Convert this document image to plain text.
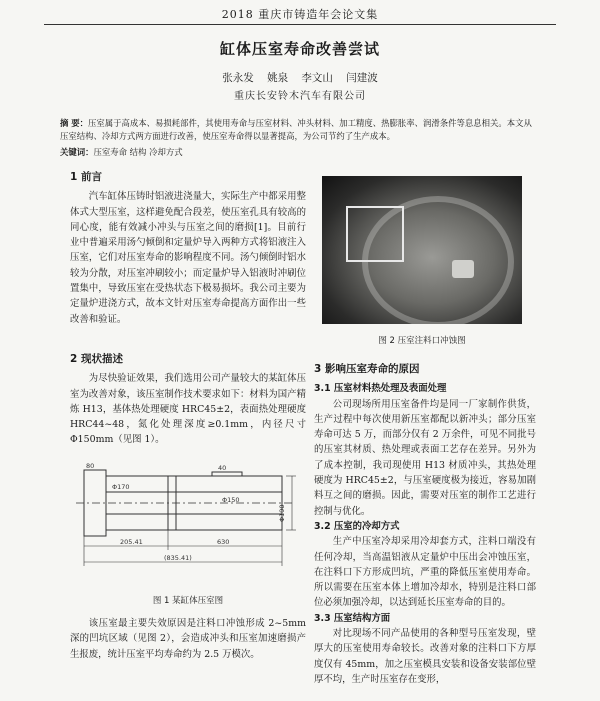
2018 重庆市铸造年会论文集
缸体压室寿命改善尝试
张永发 姚泉 李文山 闫建波
重庆长安铃木汽车有限公司
摘 要：压室属于高成本、易损耗部件，其使用寿命与压室材料、冲头材料、加工精度、热膨胀率、润滑条件等息息相关。本文从压室结构、冷却方式两方面进行改善，使压室寿命得以显著提高，为公司节约了生产成本。
关键词：压室寿命 结构 冷却方式
1 前言

汽车缸体压铸时铝液进浇量大，实际生产中都采用整体式大型压室，这样避免配合段差，使压室孔具有较高的同心度，能有效减小冲头与压室之间的磨损[1]。目前行业中普遍采用汤勺倾倒和定量炉导入两种方式将铝液注入压室，它们对压室寿命的影响程度不同。汤勺倾倒时铝水较为分散，对压室冲刷较小；而定量炉导入铝液时冲刷位置集中，导致压室在受热状态下极易损坏。我公司主要为定量炉进浇方式，故本文针对压室寿命提高方面作出一些改善和验证。

2 现状描述

为尽快验证效果，我们选用公司产量较大的某缸体压室为改善对象，该压室制作技术要求如下：材料为国产精炼 H13，基体热处理硬度 HRC45±2，表面热处理硬度 HRC44~48，氮化处理深度≥0.1mm，内径尺寸Φ150mm（见图 1）。

205.41	630
(835.41)
Φ150
Φ170
Φ190
80	40
图 1 某缸体压室图

该压室最主要失效原因是注料口冲蚀形成 2~5mm 深的凹坑区域（见图 2），会造成冲头和压室加速磨损产生报废，统计压室平均寿命约为 2.5 万模次。

图 2 压室注料口冲蚀图
3 影响压室寿命的原因
3.1 压室材料热处理及表面处理

公司现场所用压室备件均是同一厂家制作供货，生产过程中每次使用新压室都配以新冲头；部分压室寿命可达 5 万，而部分仅有 2 万余件，可见不同批号的压室其材质、热处理或表面工艺存在差异。另外为了成本控制，我司现使用 H13 材质冲头，其热处理硬度为 HRC45±2，与压室硬度极为接近，容易加剧料互之间的磨损。因此，需要对压室的制作工艺进行控制与优化。

3.2 压室的冷却方式

生产中压室冷却采用冷却套方式，注料口端没有任何冷却，当高温铝液从定量炉中压出会冲蚀压室，在注料口下方形成凹坑，严重的降低压室使用寿命。所以需要在压室本体上增加冷却水，特别是注料口部位必须加强冷却，以达到延长压室寿命的目的。

3.3 压室结构方面

对比现场不同产品使用的各种型号压室发现，壁厚大的压室使用寿命较长。改善对象的注料口下方厚度仅有 45mm，加之压室模具安装和设备安装部位壁厚不均，生产时压室存在变形，
